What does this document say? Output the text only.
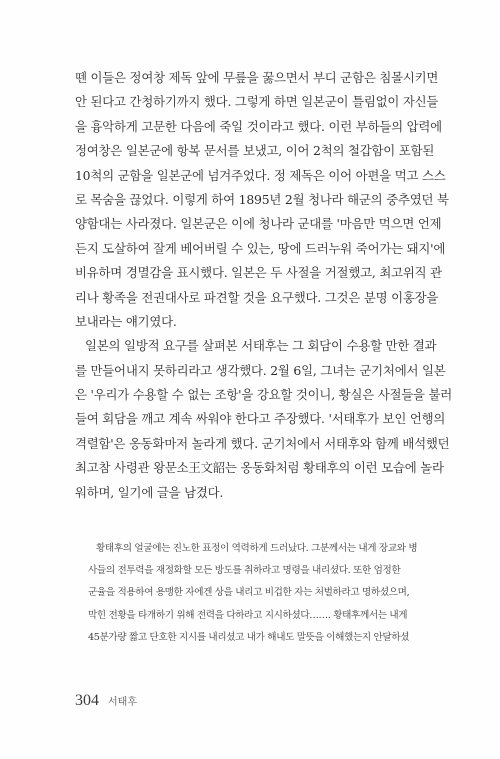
뗀 이들은 정여창 제독 앞에 무릎을 꿇으면서 부디 군함은 침몰시키면
안 된다고 간청하기까지 했다. 그렇게 하면 일본군이 틀림없이 자신들
을 흉악하게 고문한 다음에 죽일 것이라고 했다. 이런 부하들의 압력에
정여창은 일본군에 항복 문서를 보냈고, 이어 2척의 철갑함이 포함된
10척의 군함을 일본군에 넘겨주었다. 정 제독은 이어 아편을 먹고 스스
로 목숨을 끊었다. 이렇게 하여 1895년 2월 청나라 해군의 중추였던 북
양함대는 사라졌다. 일본군은 이에 청나라 군대를 '마음만 먹으면 언제
든지 도살하여 잘게 베어버릴 수 있는, 땅에 드러누워 죽어가는 돼지'에
비유하며 경멸감을 표시했다. 일본은 두 사절을 거절했고, 최고위직 관
리나 황족을 전권대사로 파견할 것을 요구했다. 그것은 분명 이홍장을
보내라는 얘기였다.
일본의 일방적 요구를 살펴본 서태후는 그 회담이 수용할 만한 결과
를 만들어내지 못하리라고 생각했다. 2월 6일, 그녀는 군기처에서 일본
은 '우리가 수용할 수 없는 조항'을 강요할 것이니, 황실은 사절들을 불러
들여 회담을 깨고 계속 싸워야 한다고 주장했다. '서태후가 보인 언행의
격렬함'은 옹동화마저 놀라게 했다. 군기처에서 서태후와 함께 배석했던
최고참 사령관 왕문소王文韶는 옹동화처럼 황태후의 이런 모습에 놀라
워하며, 일기에 글을 남겼다.
황태후의 얼굴에는 진노한 표정이 역력하게 드러났다. 그분께서는 내게 장교와 병
사들의 전투력을 재정화할 모든 방도를 취하라고 명령을 내리셨다. 또한 엄정한
군율을 적용하여 용맹한 자에겐 상을 내리고 비겁한 자는 처벌하라고 명하셨으며,
막힌 전황을 타개하기 위해 전력을 다하라고 지시하셨다……. 황태후께서는 내게
45분가량 짧고 단호한 지시를 내리셨고 내가 해내도 말뜻을 이해했는지 안달하셨
304 서태후
